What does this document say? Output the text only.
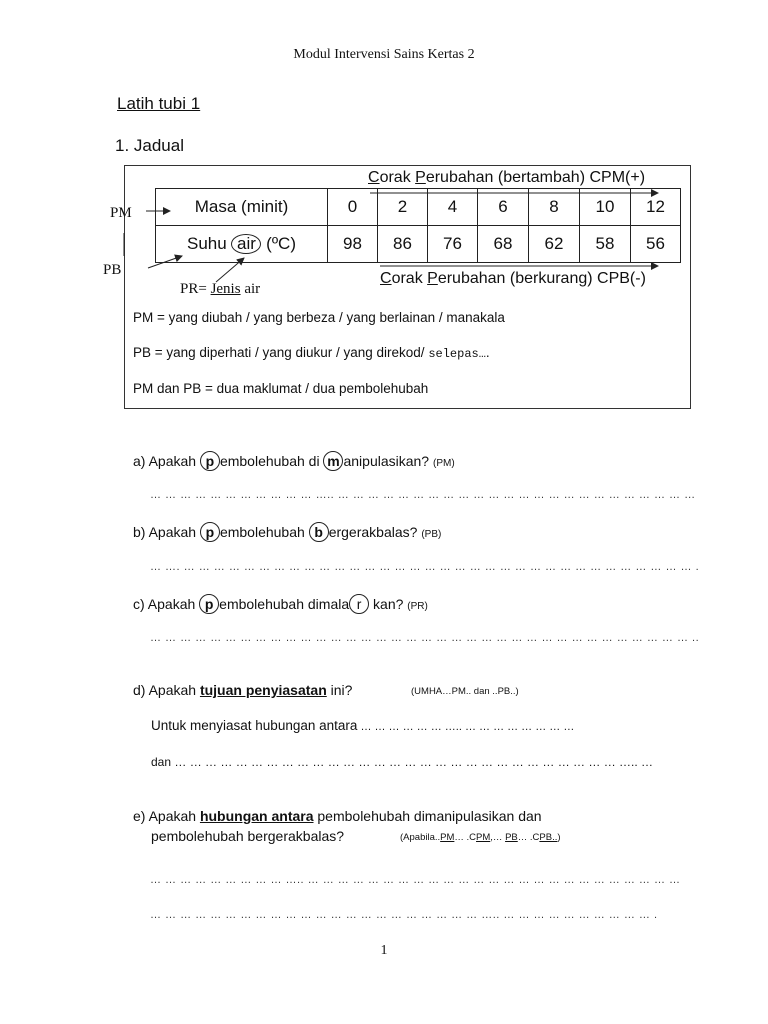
Modul Intervensi Sains Kertas 2
Latih tubi 1
1. Jadual
Corak Perubahan (bertambah) CPM(+)
PM
PB
Masa (minit)	0	2	4	6	8	10	12
Suhu air (ºC)	98	86	76	68	62	58	56
Corak Perubahan (berkurang) CPB(-)
PR= Jenis air
PM = yang diubah / yang berbeza / yang berlainan / manakala
PB = yang diperhati / yang diukur / yang direkod/ selepas….
PM dan PB = dua maklumat / dua pembolehubah
a) Apakah p embolehubah di m anipulasikan? (PM)
… … … … … … … … … … … ….. … … … … … … … … … … … … … … … … … … … … … … … …
b) Apakah p embolehubah b ergerakbalas? (PB)
… …. … … … … … … … … … … … … … … … … … … … … … … … … … … … … … … … … … … .
c) Apakah p embolehubah dimala r kan? (PR)
… … … … … … … … … … … … … … … … … … … … … … … … … … … … … … … … … … … … ..
d) Apakah tujuan penyiasatan ini?	(UMHA…PM.. dan ..PB..)
Untuk menyiasat hubungan antara … … … … … … ….. … … … … … … … …
dan … … … … … … … … … … … … … … … … … … … … … … … … … … … … … ….. …
e) Apakah hubungan antara pembolehubah dimanipulasikan dan
pembolehubah bergerakbalas?	(Apabila..PM… .CPM,… PB… .CPB..)
… … … … … … … … … ….. … … … … … … … … … … … … … … … … … … … … … … … … …
… … … … … … … … … … … … … … … … … … … … … … ….. … … … … … … … … … … .
1
